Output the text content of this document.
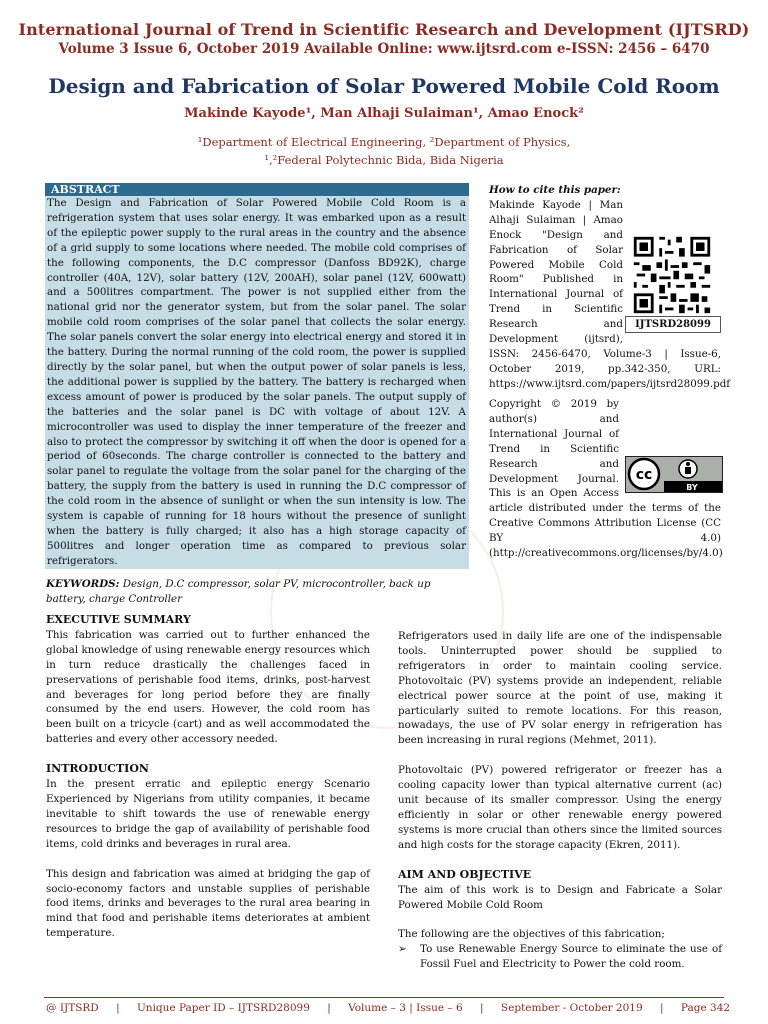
International Journal of Trend in Scientific Research and Development (IJTSRD)
Volume 3 Issue 6, October 2019 Available Online: www.ijtsrd.com e-ISSN: 2456 – 6470
Design and Fabrication of Solar Powered Mobile Cold Room
Makinde Kayode¹, Man Alhaji Sulaiman¹, Amao Enock²
¹Department of Electrical Engineering, ²Department of Physics,
¹,²Federal Polytechnic Bida, Bida Nigeria
ABSTRACT
The Design and Fabrication of Solar Powered Mobile Cold Room is a refrigeration system that uses solar energy. It was embarked upon as a result of the epileptic power supply to the rural areas in the country and the absence of a grid supply to some locations where needed. The mobile cold comprises of the following components, the D.C compressor (Danfoss BD92K), charge controller (40A, 12V), solar battery (12V, 200AH), solar panel (12V, 600watt) and a 500litres compartment. The power is not supplied either from the national grid nor the generator system, but from the solar panel. The solar mobile cold room comprises of the solar panel that collects the solar energy. The solar panels convert the solar energy into electrical energy and stored it in the battery. During the normal running of the cold room, the power is supplied directly by the solar panel, but when the output power of solar panels is less, the additional power is supplied by the battery. The battery is recharged when excess amount of power is produced by the solar panels. The output supply of the batteries and the solar panel is DC with voltage of about 12V. A microcontroller was used to display the inner temperature of the freezer and also to protect the compressor by switching it off when the door is opened for a period of 60seconds. The charge controller is connected to the battery and solar panel to regulate the voltage from the solar panel for the charging of the battery, the supply from the battery is used in running the D.C compressor of the cold room in the absence of sunlight or when the sun intensity is low. The system is capable of running for 18 hours without the presence of sunlight when the battery is fully charged; it also has a high storage capacity of 500litres and longer operation time as compared to previous solar refrigerators.
KEYWORDS: Design, D.C compressor, solar PV, microcontroller, back up battery, charge Controller
How to cite this paper:
Makinde Kayode | Man Alhaji Sulaiman | Amao Enock "Design and Fabrication of Solar Powered Mobile Cold Room" Published in International Journal of Trend in Scientific Research and Development (ijtsrd), ISSN: 2456-6470, Volume-3 | Issue-6, October 2019, pp.342-350, URL: https://www.ijtsrd.com/papers/ijtsrd28099.pdf
IJTSRD28099
Copyright © 2019 by author(s) and International Journal of Trend in Scientific Research and Development Journal. This is an Open Access article distributed under the terms of the Creative Commons Attribution License (CC BY 4.0) (http://creativecommons.org/licenses/by/4.0)
cc
BY

EXECUTIVE SUMMARY

This fabrication was carried out to further enhanced the global knowledge of using renewable energy resources which in turn reduce drastically the challenges faced in preservations of perishable food items, drinks, post-harvest and beverages for long period before they are finally consumed by the end users. However, the cold room has been built on a tricycle (cart) and as well accommodated the batteries and every other accessory needed.

INTRODUCTION

In the present erratic and epileptic energy Scenario Experienced by Nigerians from utility companies, it became inevitable to shift towards the use of renewable energy resources to bridge the gap of availability of perishable food items, cold drinks and beverages in rural area.

This design and fabrication was aimed at bridging the gap of socio-economy factors and unstable supplies of perishable food items, drinks and beverages to the rural area bearing in mind that food and perishable items deteriorates at ambient temperature.

Refrigerators used in daily life are one of the indispensable tools. Uninterrupted power should be supplied to refrigerators in order to maintain cooling service. Photovoltaic (PV) systems provide an independent, reliable electrical power source at the point of use, making it particularly suited to remote locations. For this reason, nowadays, the use of PV solar energy in refrigeration has been increasing in rural regions (Mehmet, 2011).

Photovoltaic (PV) powered refrigerator or freezer has a cooling capacity lower than typical alternative current (ac) unit because of its smaller compressor. Using the energy efficiently in solar or other renewable energy powered systems is more crucial than others since the limited sources and high costs for the storage capacity (Ekren, 2011).

AIM AND OBJECTIVE

The aim of this work is to Design and Fabricate a Solar Powered Mobile Cold Room

The following are the objectives of this fabrication;

➢	To use Renewable Energy Source to eliminate the use of Fossil Fuel and Electricity to Power the cold room.
@ IJTSRD | Unique Paper ID – IJTSRD28099 | Volume – 3 | Issue – 6 | September - October 2019 | Page 342
